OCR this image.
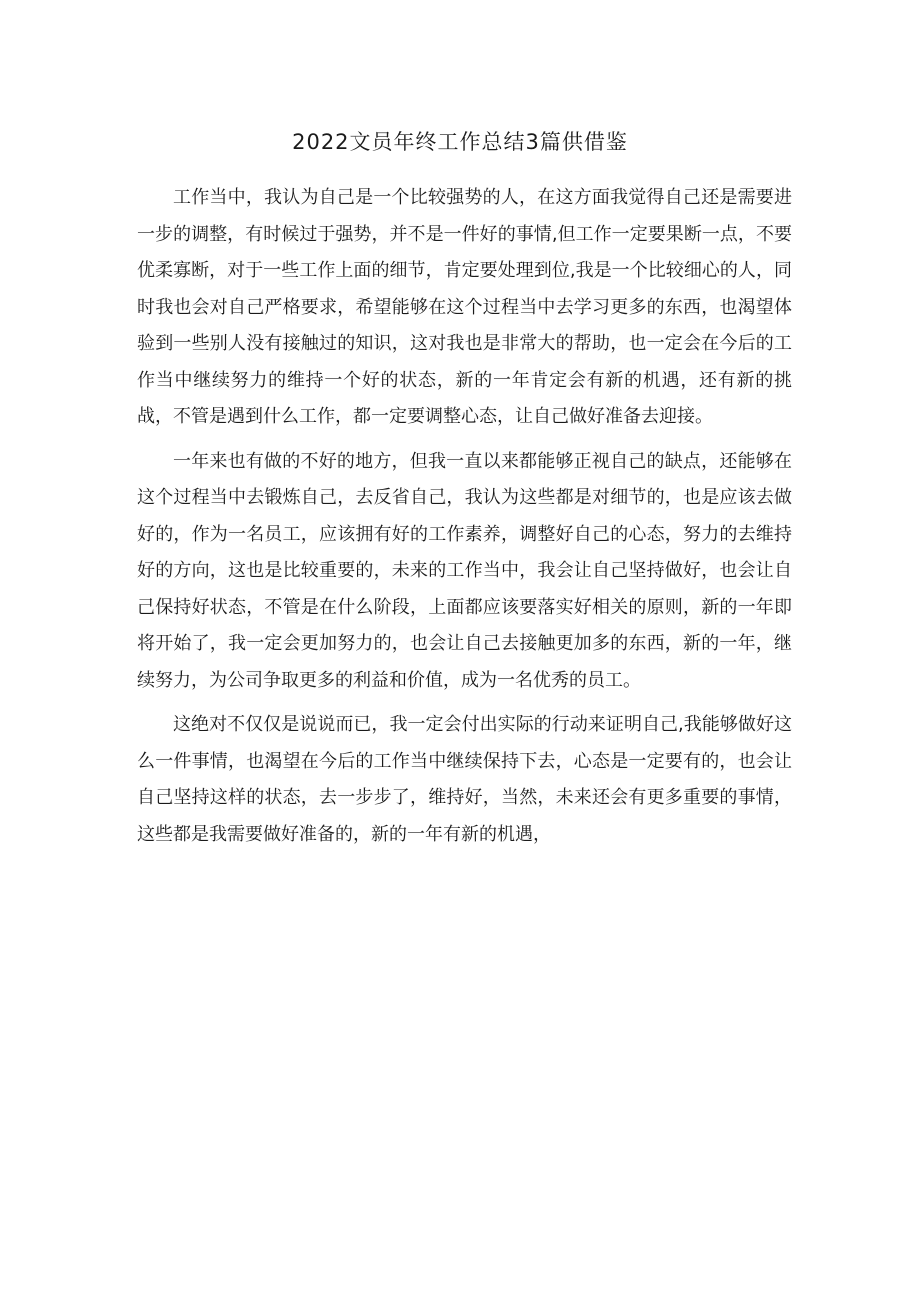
2022文员年终工作总结3篇供借鉴

工作当中，我认为自己是一个比较强势的人，在这方面我觉得自己还是需要进一步的调整，有时候过于强势，并不是一件好的事情,但工作一定要果断一点，不要优柔寡断，对于一些工作上面的细节，肯定要处理到位,我是一个比较细心的人，同时我也会对自己严格要求，希望能够在这个过程当中去学习更多的东西，也渴望体验到一些别人没有接触过的知识，这对我也是非常大的帮助，也一定会在今后的工作当中继续努力的维持一个好的状态，新的一年肯定会有新的机遇，还有新的挑战，不管是遇到什么工作，都一定要调整心态，让自己做好准备去迎接。

一年来也有做的不好的地方，但我一直以来都能够正视自己的缺点，还能够在这个过程当中去锻炼自己，去反省自己，我认为这些都是对细节的，也是应该去做好的，作为一名员工，应该拥有好的工作素养，调整好自己的心态，努力的去维持好的方向，这也是比较重要的，未来的工作当中，我会让自己坚持做好，也会让自己保持好状态，不管是在什么阶段，上面都应该要落实好相关的原则，新的一年即将开始了，我一定会更加努力的，也会让自己去接触更加多的东西，新的一年，继续努力，为公司争取更多的利益和价值，成为一名优秀的员工。

这绝对不仅仅是说说而已，我一定会付出实际的行动来证明自己,我能够做好这么一件事情，也渴望在今后的工作当中继续保持下去，心态是一定要有的，也会让自己坚持这样的状态，去一步步了，维持好，当然，未来还会有更多重要的事情，这些都是我需要做好准备的，新的一年有新的机遇，
